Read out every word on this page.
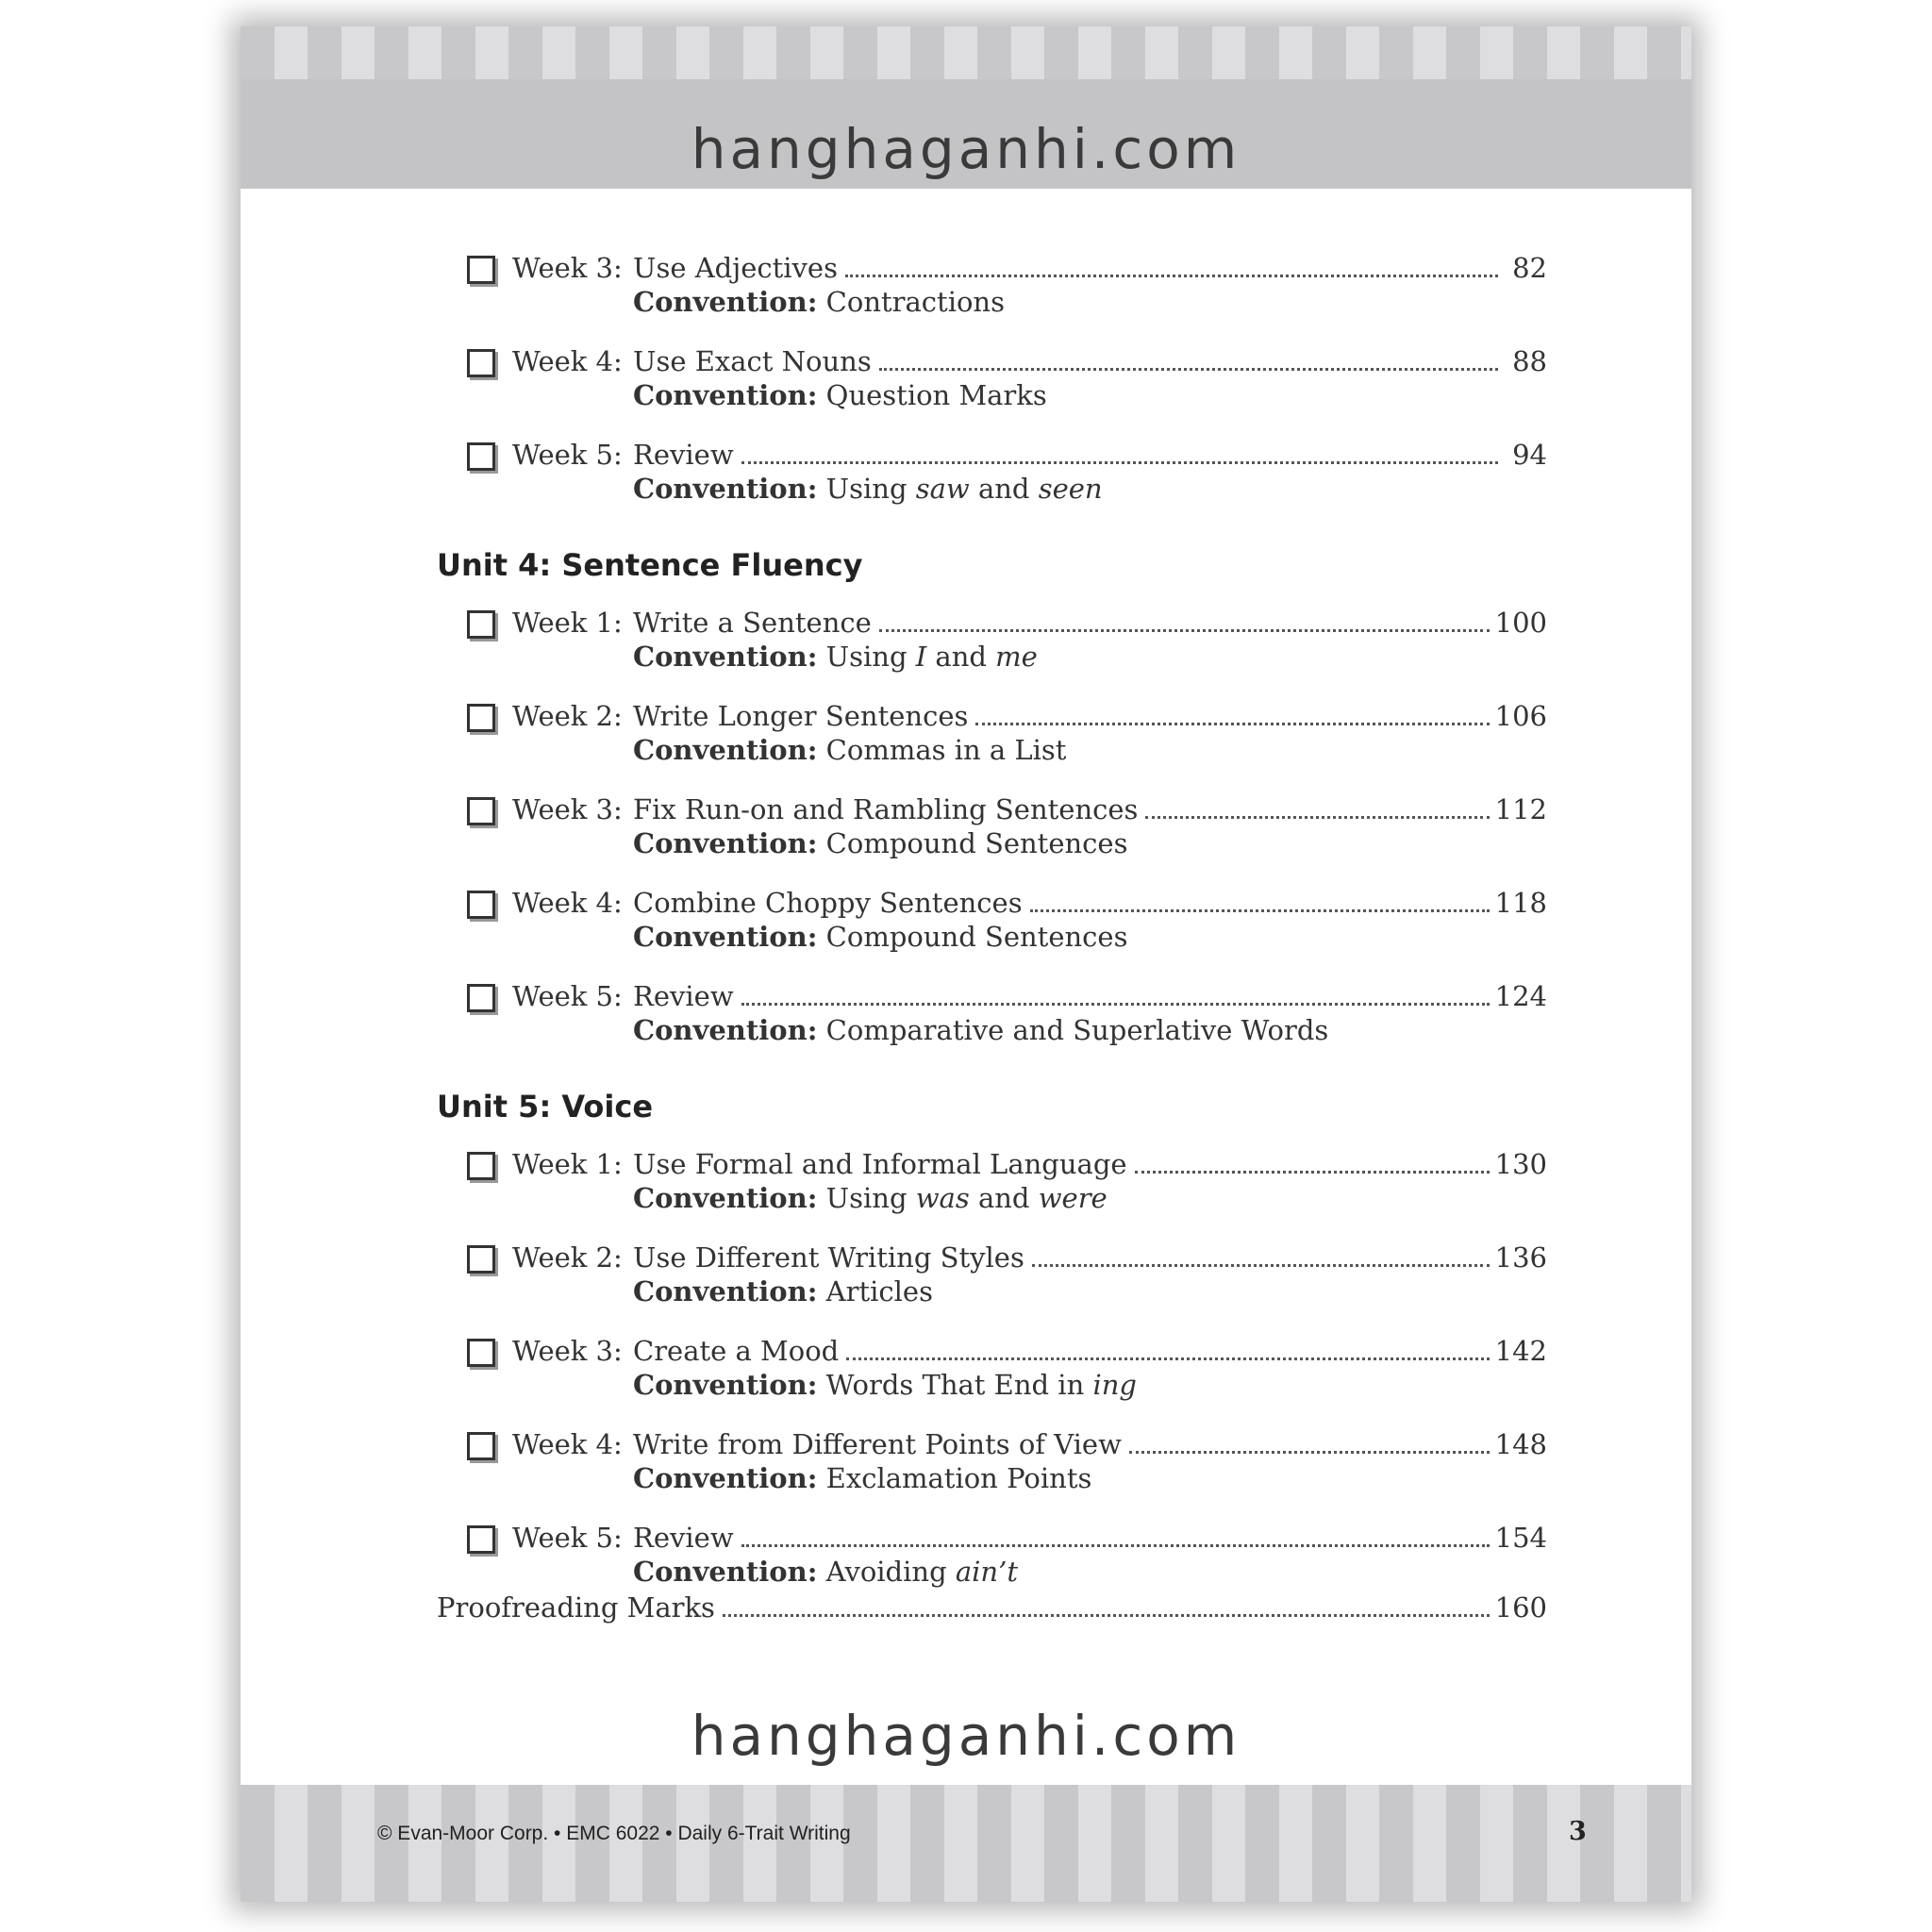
hanghaganhi.com
Week 3: Use Adjectives	82
Convention: Contractions
Week 4: Use Exact Nouns	88
Convention: Question Marks
Week 5: Review	94
Convention: Using saw and seen
Unit 4: Sentence Fluency
Week 1: Write a Sentence	100
Convention: Using I and me
Week 2: Write Longer Sentences	106
Convention: Commas in a List
Week 3: Fix Run-on and Rambling Sentences	112
Convention: Compound Sentences
Week 4: Combine Choppy Sentences	118
Convention: Compound Sentences
Week 5: Review	124
Convention: Comparative and Superlative Words
Unit 5: Voice
Week 1: Use Formal and Informal Language	130
Convention: Using was and were
Week 2: Use Different Writing Styles	136
Convention: Articles
Week 3: Create a Mood	142
Convention: Words That End in ing
Week 4: Write from Different Points of View	148
Convention: Exclamation Points
Week 5: Review	154
Convention: Avoiding ain’t
Proofreading Marks	160
hanghaganhi.com
© Evan-Moor Corp. • EMC 6022 • Daily 6-Trait Writing	3
